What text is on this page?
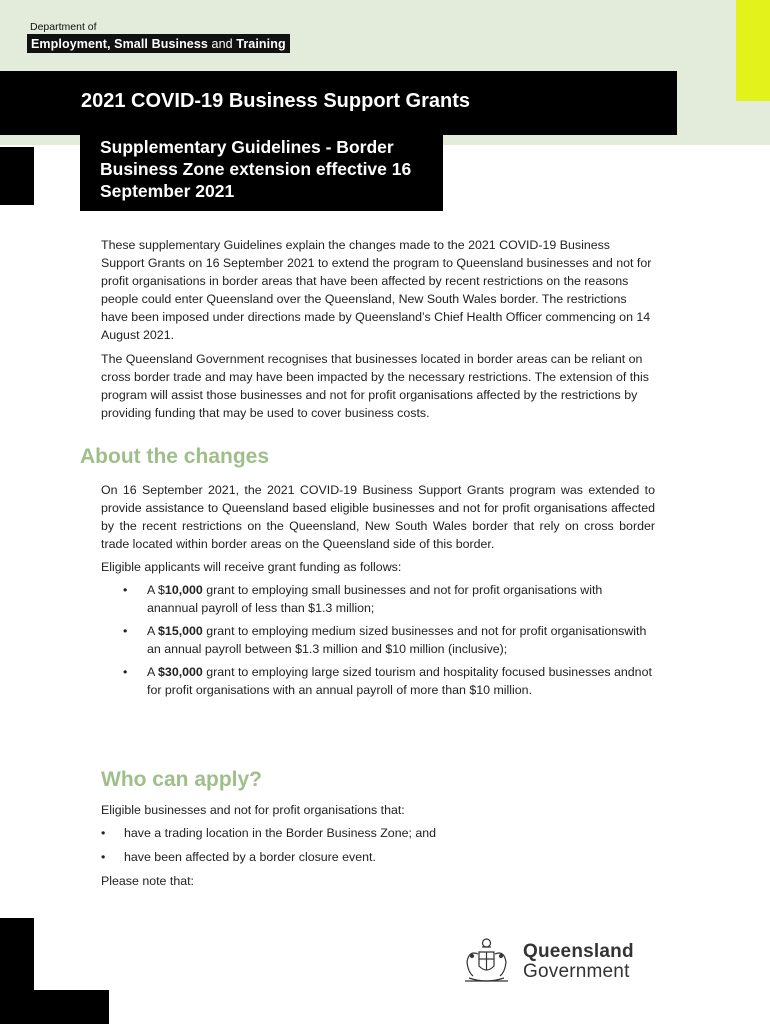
Department of
Employment, Small Business and Training
2021 COVID-19 Business Support Grants
Supplementary Guidelines - Border Business Zone extension effective 16 September 2021

These supplementary Guidelines explain the changes made to the 2021 COVID-19 Business Support Grants on 16 September 2021 to extend the program to Queensland businesses and not for profit organisations in border areas that have been affected by recent restrictions on the reasons people could enter Queensland over the Queensland, New South Wales border. The restrictions have been imposed under directions made by Queensland’s Chief Health Officer commencing on 14 August 2021.

The Queensland Government recognises that businesses located in border areas can be reliant on cross border trade and may have been impacted by the necessary restrictions. The extension of this program will assist those businesses and not for profit organisations affected by the restrictions by providing funding that may be used to cover business costs.

About the changes

On 16 September 2021, the 2021 COVID-19 Business Support Grants program was extended to provide assistance to Queensland based eligible businesses and not for profit organisations affected by the recent restrictions on the Queensland, New South Wales border that rely on cross border trade located within border areas on the Queensland side of this border.

Eligible applicants will receive grant funding as follows:

• A $10,000 grant to employing small businesses and not for profit organisations with anannual payroll of less than $1.3 million;
• A $15,000 grant to employing medium sized businesses and not for profit organisationswith an annual payroll between $1.3 million and $10 million (inclusive);
• A $30,000 grant to employing large sized tourism and hospitality focused businesses andnot for profit organisations with an annual payroll of more than $10 million.
Who can apply?

Eligible businesses and not for profit organisations that:

• have a trading location in the Border Business Zone; and
• have been affected by a border closure event.

Please note that:

Queensland
Government
